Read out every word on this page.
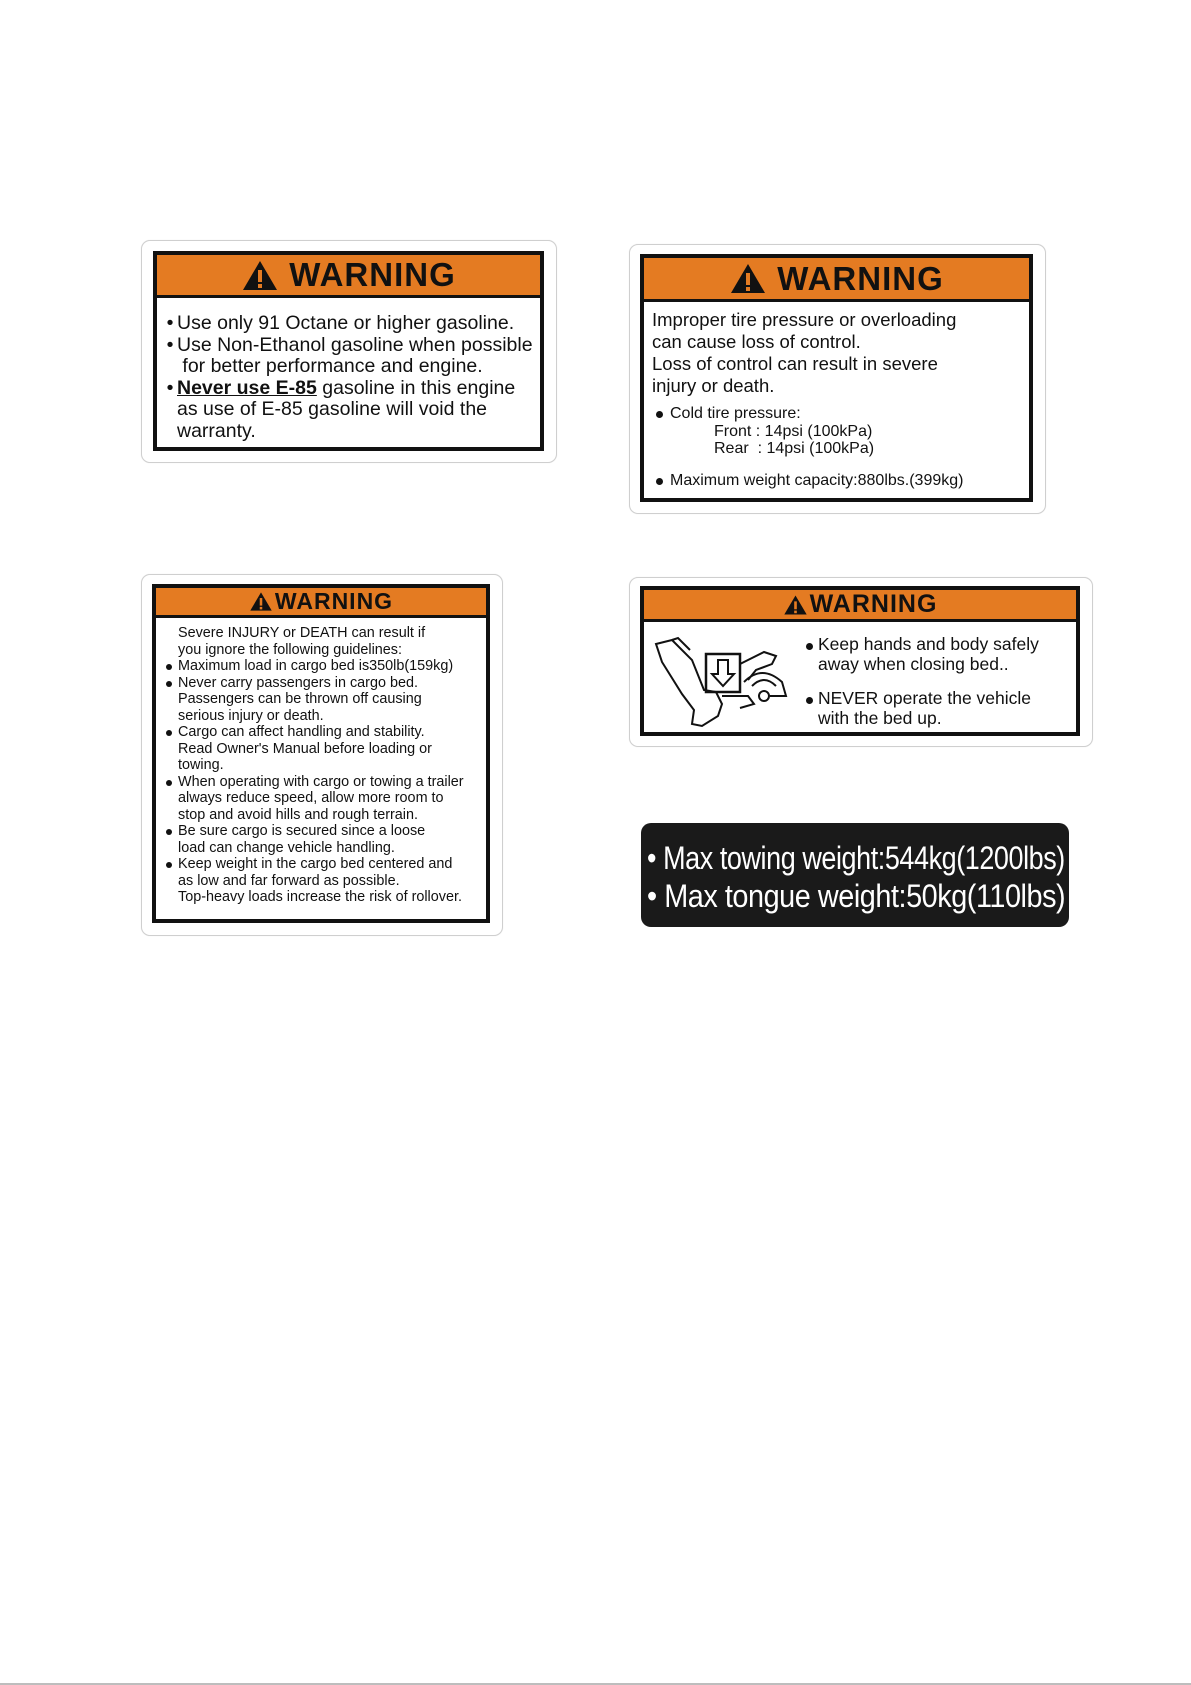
WARNING
• Use only 91 Octane or higher gasoline.
• Use Non-Ethanol gasoline when possible
for better performance and engine.
• Never use E-85 gasoline in this engine
as use of E-85 gasoline will void the
warranty.
WARNING
Improper tire pressure or overloading
can cause loss of control.
Loss of control can result in severe
injury or death.
Cold tire pressure:
Front : 14psi (100kPa)
Rear  : 14psi (100kPa)
Maximum weight capacity:880lbs.(399kg)
WARNING
Severe INJURY or DEATH can result if
you ignore the following guidelines:
Maximum load in cargo bed is350lb(159kg)
Never carry passengers in cargo bed.
Passengers can be thrown off causing
serious injury or death.
Cargo can affect handling and stability.
Read Owner's Manual before loading or
towing.
When operating with cargo or towing a trailer
always reduce speed, allow more room to
stop and avoid hills and rough terrain.
Be sure cargo is secured since a loose
load can change vehicle handling.
Keep weight in the cargo bed centered and
as low and far forward as possible.
Top-heavy loads increase the risk of rollover.
WARNING
Keep hands and body safely
away when closing bed..
NEVER operate the vehicle
with the bed up.
• Max towing weight:544kg(1200lbs)
• Max tongue weight:50kg(110lbs)
